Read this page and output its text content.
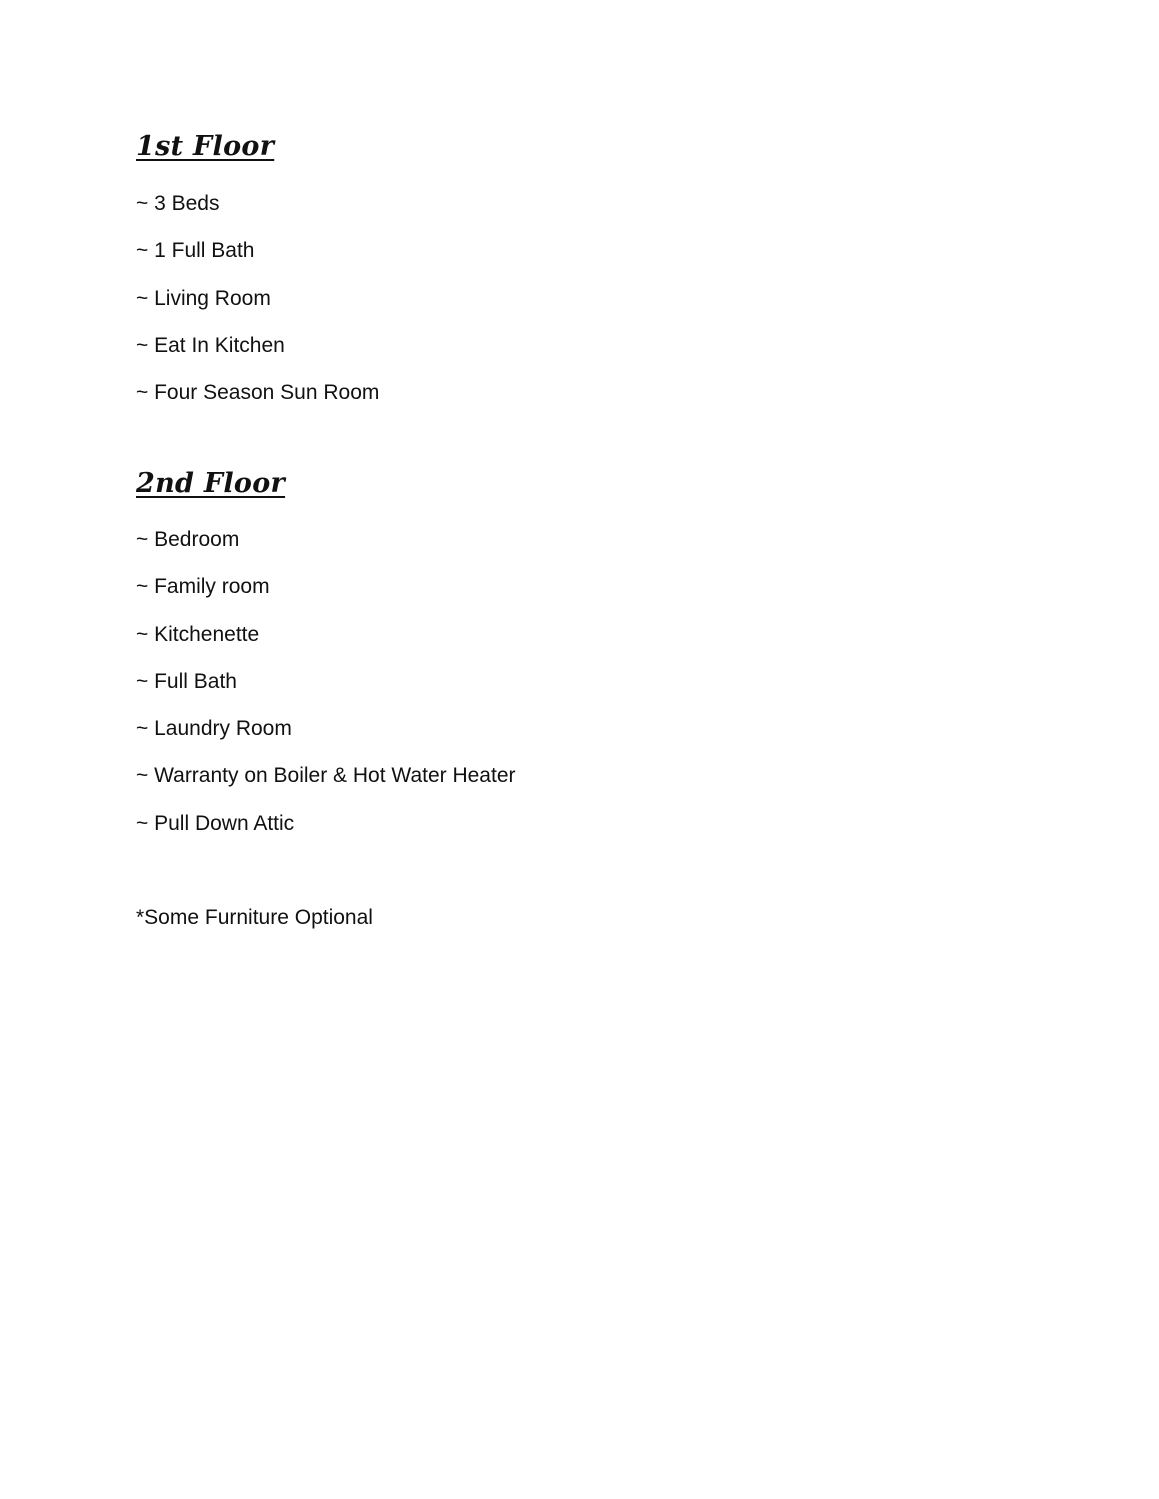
1st Floor
~ 3 Beds
~ 1 Full Bath
~ Living Room
~ Eat In Kitchen
~ Four Season Sun Room
2nd Floor
~ Bedroom
~ Family room
~ Kitchenette
~ Full Bath
~ Laundry Room
~ Warranty on Boiler & Hot Water Heater
~ Pull Down Attic

*Some Furniture Optional
